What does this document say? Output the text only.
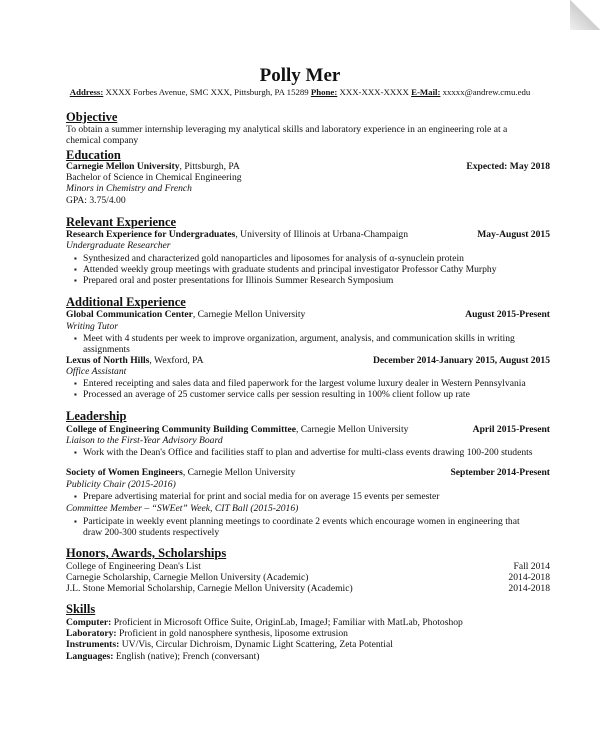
Polly Mer
Address: XXXX Forbes Avenue, SMC XXX, Pittsburgh, PA 15289 Phone: XXX-XXX-XXXX E-Mail: xxxxx@andrew.cmu.edu
Objective
To obtain a summer internship leveraging my analytical skills and laboratory experience in an engineering role at a
chemical company
Education
Carnegie Mellon University, Pittsburgh, PA	Expected: May 2018
Bachelor of Science in Chemical Engineering
Minors in Chemistry and French
GPA: 3.75/4.00
Relevant Experience
Research Experience for Undergraduates, University of Illinois at Urbana-Champaign	May-August 2015
Undergraduate Researcher
▪ Synthesized and characterized gold nanoparticles and liposomes for analysis of α-synuclein protein
▪ Attended weekly group meetings with graduate students and principal investigator Professor Cathy Murphy
▪ Prepared oral and poster presentations for Illinois Summer Research Symposium
Additional Experience
Global Communication Center, Carnegie Mellon University	August 2015-Present
Writing Tutor
▪ Meet with 4 students per week to improve organization, argument, analysis, and communication skills in writing
assignments
Lexus of North Hills, Wexford, PA	December 2014-January 2015, August 2015
Office Assistant
▪ Entered receipting and sales data and filed paperwork for the largest volume luxury dealer in Western Pennsylvania
▪ Processed an average of 25 customer service calls per session resulting in 100% client follow up rate
Leadership
College of Engineering Community Building Committee, Carnegie Mellon University	April 2015-Present
Liaison to the First-Year Advisory Board
▪ Work with the Dean's Office and facilities staff to plan and advertise for multi-class events drawing 100-200 students
Society of Women Engineers, Carnegie Mellon University	September 2014-Present
Publicity Chair (2015-2016)
▪ Prepare advertising material for print and social media for on average 15 events per semester
Committee Member – “SWEet” Week, CIT Ball (2015-2016)
▪ Participate in weekly event planning meetings to coordinate 2 events which encourage women in engineering that
draw 200-300 students respectively
Honors, Awards, Scholarships
College of Engineering Dean's List	Fall 2014
Carnegie Scholarship, Carnegie Mellon University (Academic)	2014-2018
J.L. Stone Memorial Scholarship, Carnegie Mellon University (Academic)	2014-2018
Skills
Computer: Proficient in Microsoft Office Suite, OriginLab, ImageJ; Familiar with MatLab, Photoshop
Laboratory: Proficient in gold nanosphere synthesis, liposome extrusion
Instruments: UV/Vis, Circular Dichroism, Dynamic Light Scattering, Zeta Potential
Languages: English (native); French (conversant)
